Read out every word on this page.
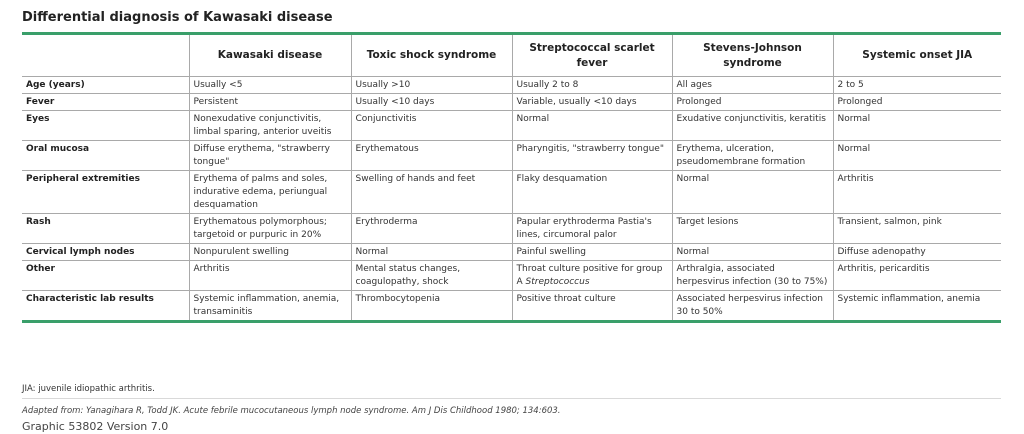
Differential diagnosis of Kawasaki disease
	Kawasaki disease	Toxic shock syndrome	Streptococcal scarlet fever	Stevens-Johnson syndrome	Systemic onset JIA
Age (years)	Usually <5	Usually >10	Usually 2 to 8	All ages	2 to 5
Fever	Persistent	Usually <10 days	Variable, usually <10 days	Prolonged	Prolonged
Eyes	Nonexudative conjunctivitis, limbal sparing, anterior uveitis	Conjunctivitis	Normal	Exudative conjunctivitis, keratitis	Normal
Oral mucosa	Diffuse erythema, "strawberry tongue"	Erythematous	Pharyngitis, "strawberry tongue"	Erythema, ulceration, pseudomembrane formation	Normal
Peripheral extremities	Erythema of palms and soles, indurative edema, periungual desquamation	Swelling of hands and feet	Flaky desquamation	Normal	Arthritis
Rash	Erythematous polymorphous; targetoid or purpuric in 20%	Erythroderma	Papular erythroderma Pastia's lines, circumoral palor	Target lesions	Transient, salmon, pink
Cervical lymph nodes	Nonpurulent swelling	Normal	Painful swelling	Normal	Diffuse adenopathy
Other	Arthritis	Mental status changes, coagulopathy, shock	Throat culture positive for group A Streptococcus	Arthralgia, associated herpesvirus infection (30 to 75%)	Arthritis, pericarditis
Characteristic lab results	Systemic inflammation, anemia, transaminitis	Thrombocytopenia	Positive throat culture	Associated herpesvirus infection 30 to 50%	Systemic inflammation, anemia
JIA: juvenile idiopathic arthritis.
Adapted from: Yanagihara R, Todd JK. Acute febrile mucocutaneous lymph node syndrome. Am J Dis Childhood 1980; 134:603.
Graphic 53802 Version 7.0
